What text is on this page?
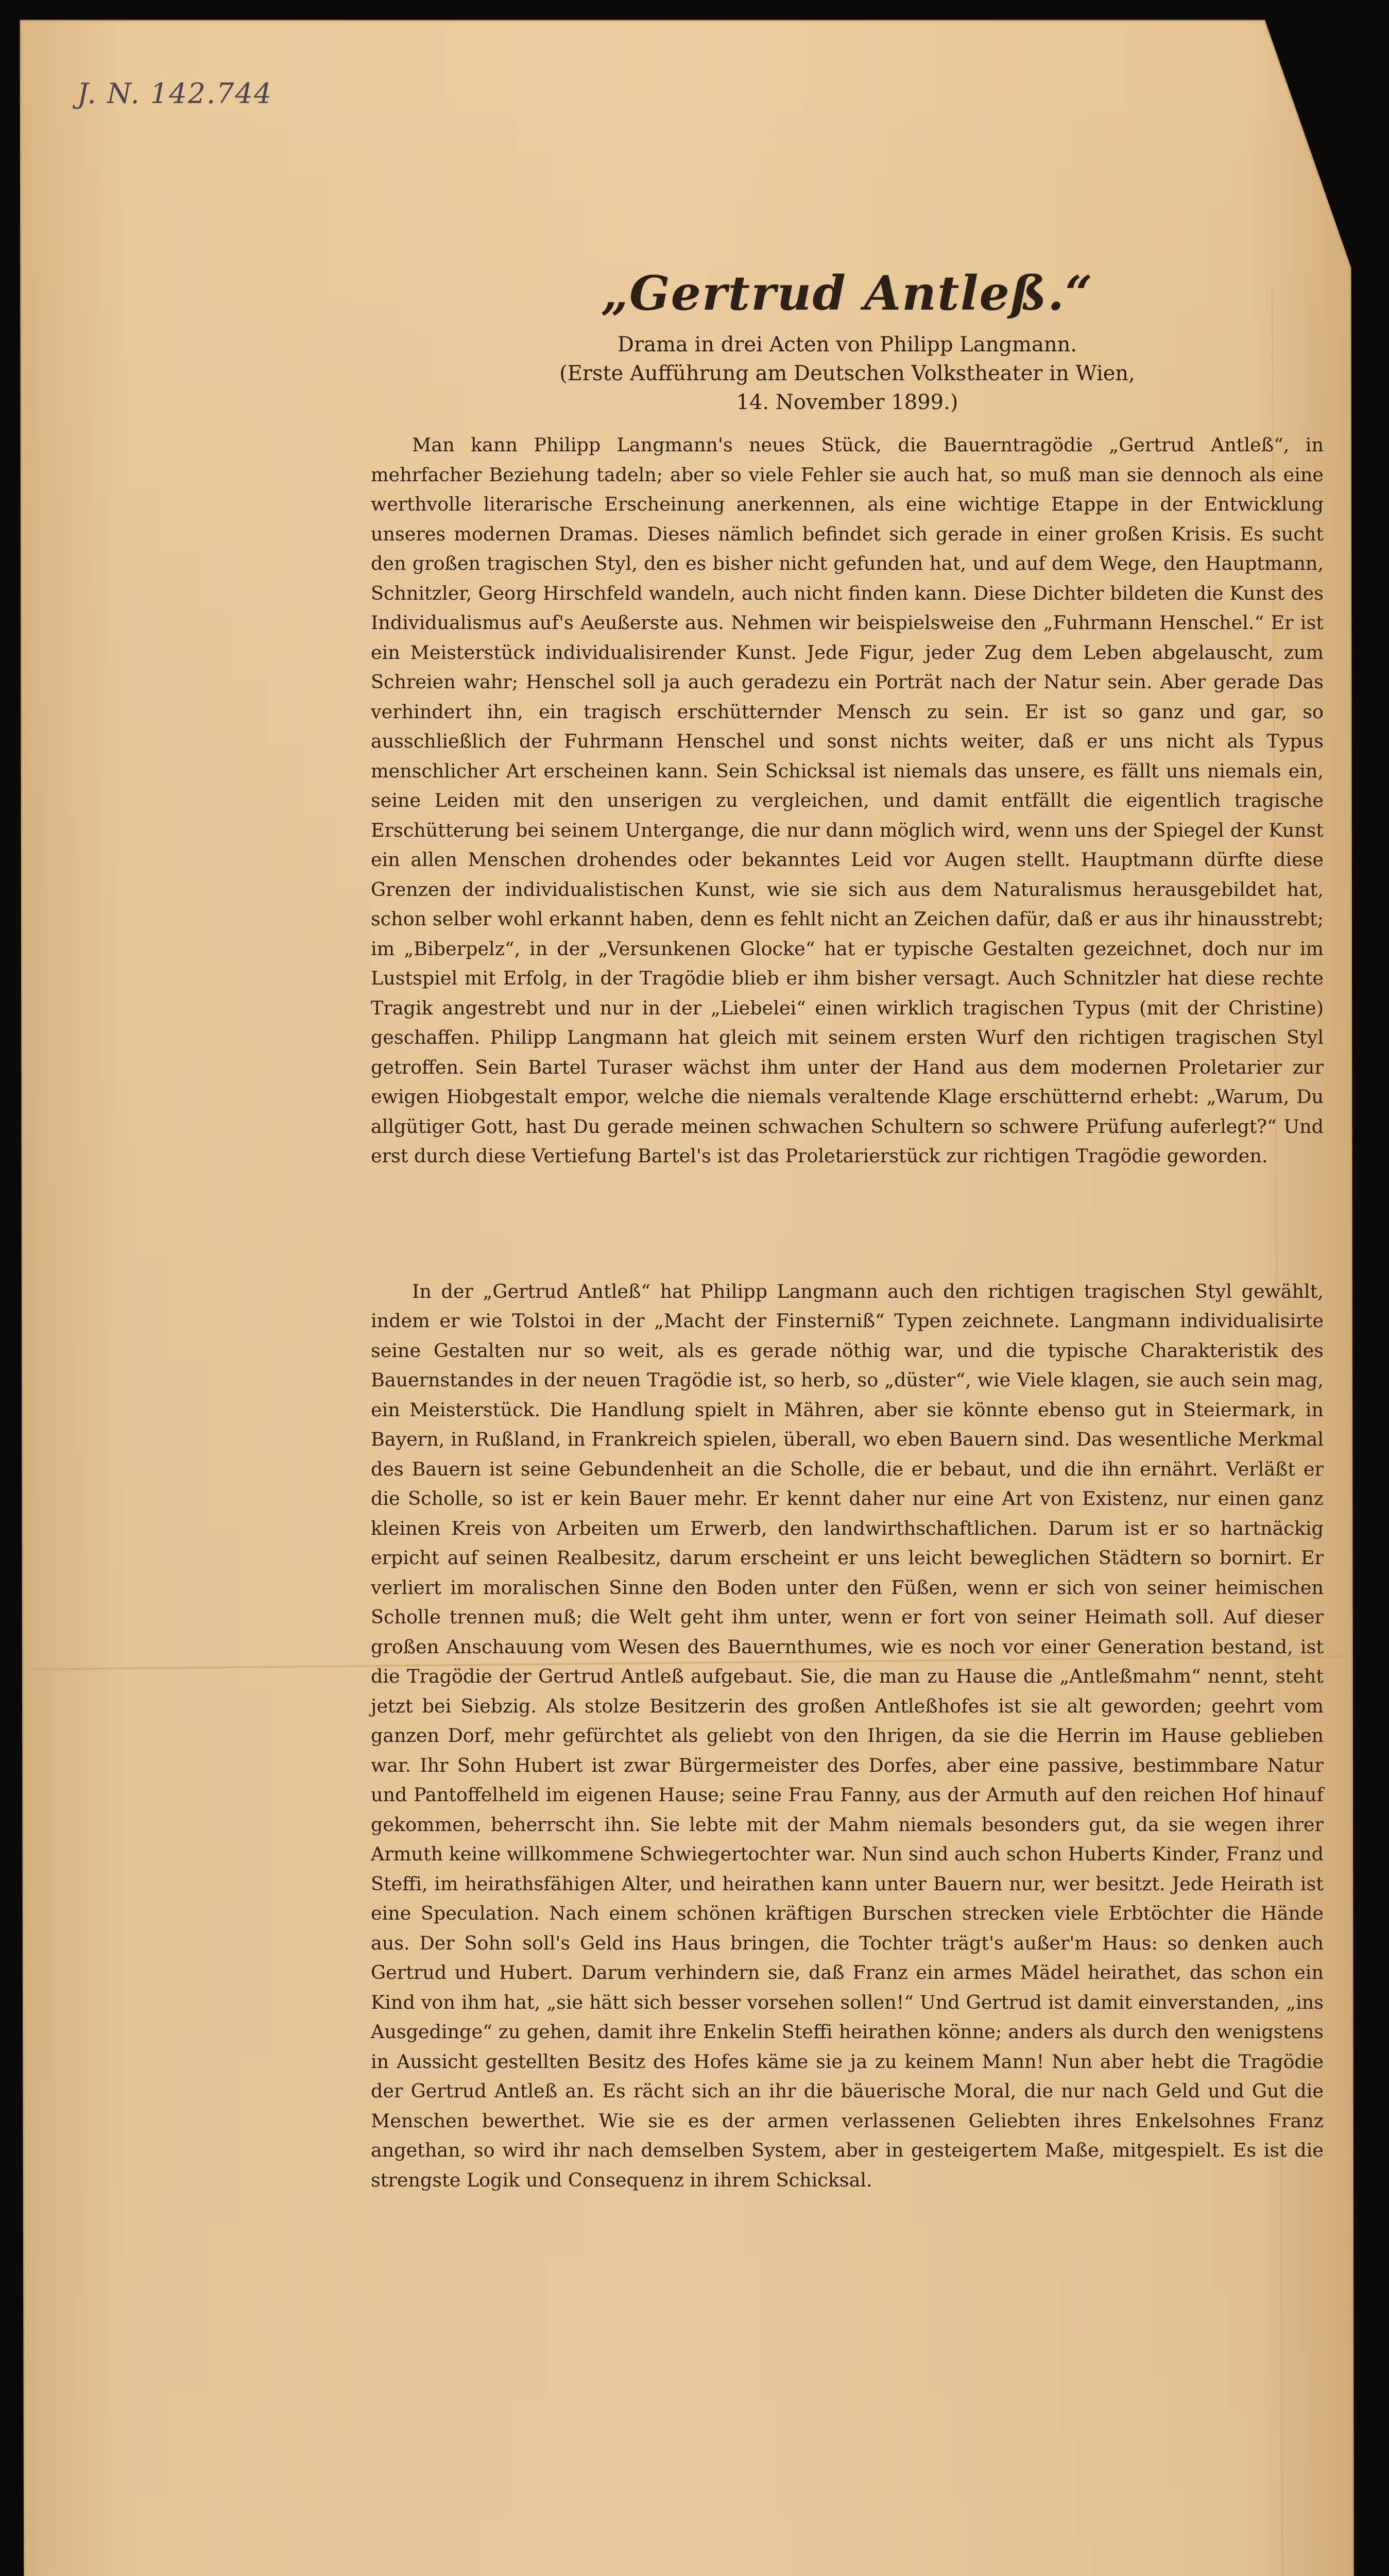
J. N. 142.744
„Gertrud Antleß.“
Drama in drei Acten von Philipp Langmann.
(Erste Aufführung am Deutschen Volkstheater in Wien,
14. November 1899.)

Man kann Philipp Langmann's neues Stück, die Bauerntragödie „Gertrud Antleß“, in mehrfacher Beziehung tadeln; aber so viele Fehler sie auch hat, so muß man sie dennoch als eine werthvolle literarische Erscheinung anerkennen, als eine wichtige Etappe in der Entwicklung unseres modernen Dramas. Dieses nämlich befindet sich gerade in einer großen Krisis. Es sucht den großen tragischen Styl, den es bisher nicht gefunden hat, und auf dem Wege, den Hauptmann, Schnitzler, Georg Hirschfeld wandeln, auch nicht finden kann. Diese Dichter bildeten die Kunst des Individualismus auf's Aeußerste aus. Nehmen wir beispielsweise den „Fuhrmann Henschel.“ Er ist ein Meisterstück individualisirender Kunst. Jede Figur, jeder Zug dem Leben abgelauscht, zum Schreien wahr; Henschel soll ja auch geradezu ein Porträt nach der Natur sein. Aber gerade Das verhindert ihn, ein tragisch erschütternder Mensch zu sein. Er ist so ganz und gar, so ausschließlich der Fuhrmann Henschel und sonst nichts weiter, daß er uns nicht als Typus menschlicher Art erscheinen kann. Sein Schicksal ist niemals das unsere, es fällt uns niemals ein, seine Leiden mit den unserigen zu vergleichen, und damit entfällt die eigentlich tragische Erschütterung bei seinem Untergange, die nur dann möglich wird, wenn uns der Spiegel der Kunst ein allen Menschen drohendes oder bekanntes Leid vor Augen stellt. Hauptmann dürfte diese Grenzen der individualistischen Kunst, wie sie sich aus dem Naturalismus herausgebildet hat, schon selber wohl erkannt haben, denn es fehlt nicht an Zeichen dafür, daß er aus ihr hinausstrebt; im „Biberpelz“, in der „Versunkenen Glocke“ hat er typische Gestalten gezeichnet, doch nur im Lustspiel mit Erfolg, in der Tragödie blieb er ihm bisher versagt. Auch Schnitzler hat diese rechte Tragik angestrebt und nur in der „Liebelei“ einen wirklich tragischen Typus (mit der Christine) geschaffen. Philipp Langmann hat gleich mit seinem ersten Wurf den richtigen tragischen Styl getroffen. Sein Bartel Turaser wächst ihm unter der Hand aus dem modernen Proletarier zur ewigen Hiobgestalt empor, welche die niemals veraltende Klage erschütternd erhebt: „Warum, Du allgütiger Gott, hast Du gerade meinen schwachen Schultern so schwere Prüfung auferlegt?“ Und erst durch diese Vertiefung Bartel's ist das Proletarierstück zur richtigen Tragödie geworden.

In der „Gertrud Antleß“ hat Philipp Langmann auch den richtigen tragischen Styl gewählt, indem er wie Tolstoi in der „Macht der Finsterniß“ Typen zeichnete. Langmann individualisirte seine Gestalten nur so weit, als es gerade nöthig war, und die typische Charakteristik des Bauernstandes in der neuen Tragödie ist, so herb, so „düster“, wie Viele klagen, sie auch sein mag, ein Meisterstück. Die Handlung spielt in Mähren, aber sie könnte ebenso gut in Steiermark, in Bayern, in Rußland, in Frankreich spielen, überall, wo eben Bauern sind. Das wesentliche Merkmal des Bauern ist seine Gebundenheit an die Scholle, die er bebaut, und die ihn ernährt. Verläßt er die Scholle, so ist er kein Bauer mehr. Er kennt daher nur eine Art von Existenz, nur einen ganz kleinen Kreis von Arbeiten um Erwerb, den landwirthschaftlichen. Darum ist er so hartnäckig erpicht auf seinen Realbesitz, darum erscheint er uns leicht beweglichen Städtern so bornirt. Er verliert im moralischen Sinne den Boden unter den Füßen, wenn er sich von seiner heimischen Scholle trennen muß; die Welt geht ihm unter, wenn er fort von seiner Heimath soll. Auf dieser großen Anschauung vom Wesen des Bauernthumes, wie es noch vor einer Generation bestand, ist die Tragödie der Gertrud Antleß aufgebaut. Sie, die man zu Hause die „Antleßmahm“ nennt, steht jetzt bei Siebzig. Als stolze Besitzerin des großen Antleßhofes ist sie alt geworden; geehrt vom ganzen Dorf, mehr gefürchtet als geliebt von den Ihrigen, da sie die Herrin im Hause geblieben war. Ihr Sohn Hubert ist zwar Bürgermeister des Dorfes, aber eine passive, bestimmbare Natur und Pantoffelheld im eigenen Hause; seine Frau Fanny, aus der Armuth auf den reichen Hof hinauf gekommen, beherrscht ihn. Sie lebte mit der Mahm niemals besonders gut, da sie wegen ihrer Armuth keine willkommene Schwiegertochter war. Nun sind auch schon Huberts Kinder, Franz und Steffi, im heirathsfähigen Alter, und heirathen kann unter Bauern nur, wer besitzt. Jede Heirath ist eine Speculation. Nach einem schönen kräftigen Burschen strecken viele Erbtöchter die Hände aus. Der Sohn soll's Geld ins Haus bringen, die Tochter trägt's außer'm Haus: so denken auch Gertrud und Hubert. Darum verhindern sie, daß Franz ein armes Mädel heirathet, das schon ein Kind von ihm hat, „sie hätt sich besser vorsehen sollen!“ Und Gertrud ist damit einverstanden, „ins Ausgedinge“ zu gehen, damit ihre Enkelin Steffi heirathen könne; anders als durch den wenigstens in Aussicht gestellten Besitz des Hofes käme sie ja zu keinem Mann! Nun aber hebt die Tragödie der Gertrud Antleß an. Es rächt sich an ihr die bäuerische Moral, die nur nach Geld und Gut die Menschen bewerthet. Wie sie es der armen verlassenen Geliebten ihres Enkelsohnes Franz angethan, so wird ihr nach demselben System, aber in gesteigertem Maße, mitgespielt. Es ist die strengste Logik und Consequenz in ihrem Schicksal.
